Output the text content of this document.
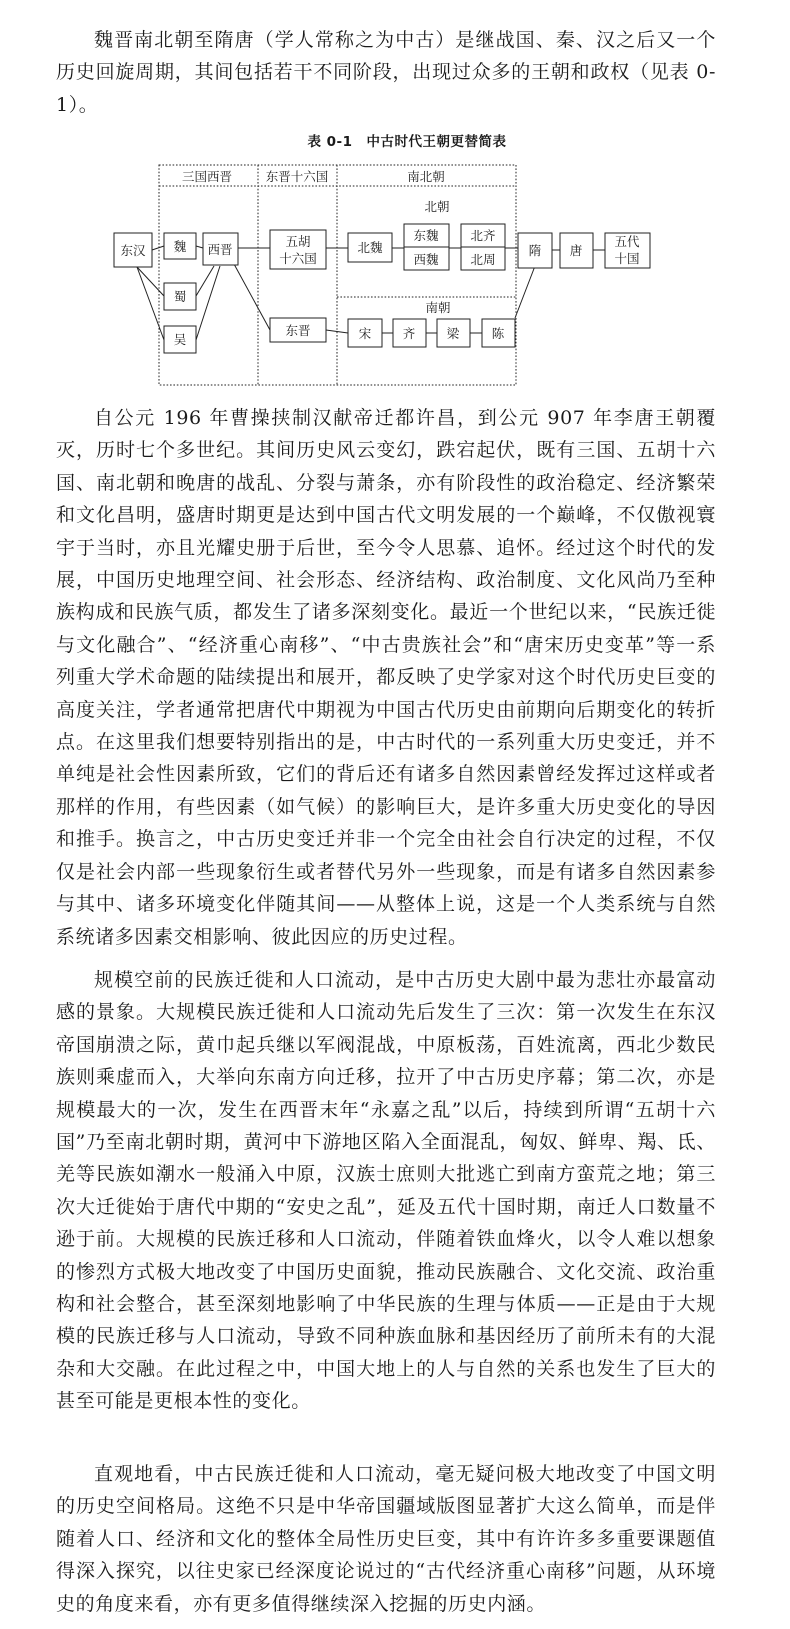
魏晋南北朝至隋唐（学人常称之为中古）是继战国、秦、汉之后又一个历史回旋周期，其间包括若干不同阶段，出现过众多的王朝和政权（见表 0-1）。

表 0-1　中古时代王朝更替简表
三国西晋	东晋十六国	南北朝
北朝
南朝
东汉 魏
蜀
吴
西晋
五胡
十六国
东晋
北魏
东魏
西魏
北齐
北周
宋	齐	梁	陈
隋 唐
五代
十国

自公元 196 年曹操挟制汉献帝迁都许昌，到公元 907 年李唐王朝覆灭，历时七个多世纪。其间历史风云变幻，跌宕起伏，既有三国、五胡十六国、南北朝和晚唐的战乱、分裂与萧条，亦有阶段性的政治稳定、经济繁荣和文化昌明，盛唐时期更是达到中国古代文明发展的一个巅峰，不仅傲视寰宇于当时，亦且光耀史册于后世，至今令人思慕、追怀。经过这个时代的发展，中国历史地理空间、社会形态、经济结构、政治制度、文化风尚乃至种族构成和民族气质，都发生了诸多深刻变化。最近一个世纪以来，“民族迁徙与文化融合”、“经济重心南移”、“中古贵族社会”和“唐宋历史变革”等一系列重大学术命题的陆续提出和展开，都反映了史学家对这个时代历史巨变的高度关注，学者通常把唐代中期视为中国古代历史由前期向后期变化的转折点。在这里我们想要特别指出的是，中古时代的一系列重大历史变迁，并不单纯是社会性因素所致，它们的背后还有诸多自然因素曾经发挥过这样或者那样的作用，有些因素（如气候）的影响巨大，是许多重大历史变化的导因和推手。换言之，中古历史变迁并非一个完全由社会自行决定的过程，不仅仅是社会内部一些现象衍生或者替代另外一些现象，而是有诸多自然因素参与其中、诸多环境变化伴随其间——从整体上说，这是一个人类系统与自然系统诸多因素交相影响、彼此因应的历史过程。

规模空前的民族迁徙和人口流动，是中古历史大剧中最为悲壮亦最富动感的景象。大规模民族迁徙和人口流动先后发生了三次：第一次发生在东汉帝国崩溃之际，黄巾起兵继以军阀混战，中原板荡，百姓流离，西北少数民族则乘虚而入，大举向东南方向迁移，拉开了中古历史序幕；第二次，亦是规模最大的一次，发生在西晋末年“永嘉之乱”以后，持续到所谓“五胡十六国”乃至南北朝时期，黄河中下游地区陷入全面混乱，匈奴、鲜卑、羯、氐、羌等民族如潮水一般涌入中原，汉族士庶则大批逃亡到南方蛮荒之地；第三次大迁徙始于唐代中期的“安史之乱”，延及五代十国时期，南迁人口数量不逊于前。大规模的民族迁移和人口流动，伴随着铁血烽火，以令人难以想象的惨烈方式极大地改变了中国历史面貌，推动民族融合、文化交流、政治重构和社会整合，甚至深刻地影响了中华民族的生理与体质——正是由于大规模的民族迁移与人口流动，导致不同种族血脉和基因经历了前所未有的大混杂和大交融。在此过程之中，中国大地上的人与自然的关系也发生了巨大的甚至可能是更根本性的变化。

直观地看，中古民族迁徙和人口流动，毫无疑问极大地改变了中国文明的历史空间格局。这绝不只是中华帝国疆域版图显著扩大这么简单，而是伴随着人口、经济和文化的整体全局性历史巨变，其中有许许多多重要课题值得深入探究，以往史家已经深度论说过的“古代经济重心南移”问题，从环境史的角度来看，亦有更多值得继续深入挖掘的历史内涵。
